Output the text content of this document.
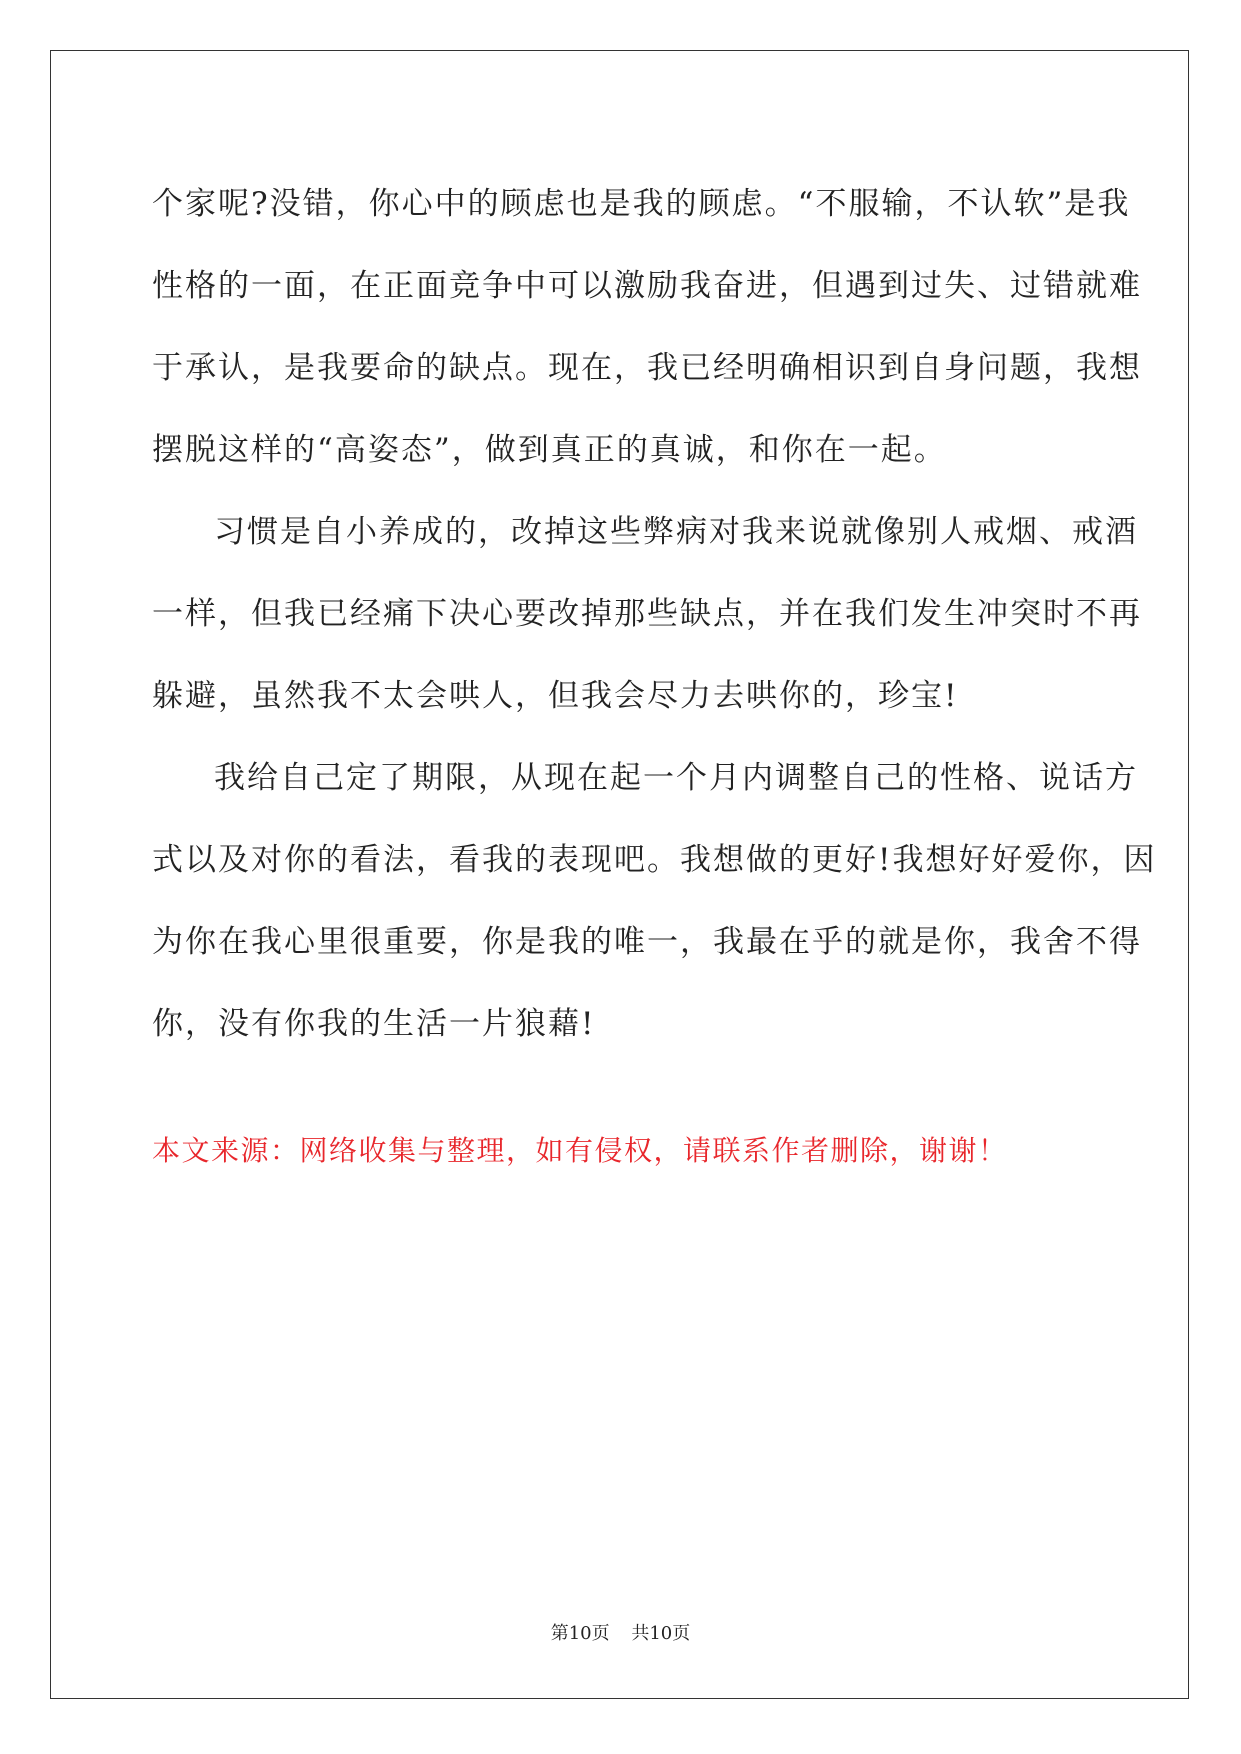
个家呢?没错，你心中的顾虑也是我的顾虑。“不服输，不认软”是我
性格的一面，在正面竞争中可以激励我奋进，但遇到过失、过错就难
于承认，是我要命的缺点。现在，我已经明确相识到自身问题，我想
摆脱这样的“高姿态”，做到真正的真诚，和你在一起。
习惯是自小养成的，改掉这些弊病对我来说就像别人戒烟、戒酒
一样，但我已经痛下决心要改掉那些缺点，并在我们发生冲突时不再
躲避，虽然我不太会哄人，但我会尽力去哄你的，珍宝!
我给自己定了期限，从现在起一个月内调整自己的性格、说话方
式以及对你的看法，看我的表现吧。我想做的更好!我想好好爱你，因
为你在我心里很重要，你是我的唯一，我最在乎的就是你，我舍不得
你，没有你我的生活一片狼藉!
本文来源：网络收集与整理，如有侵权，请联系作者删除，谢谢！
第10页 共10页
